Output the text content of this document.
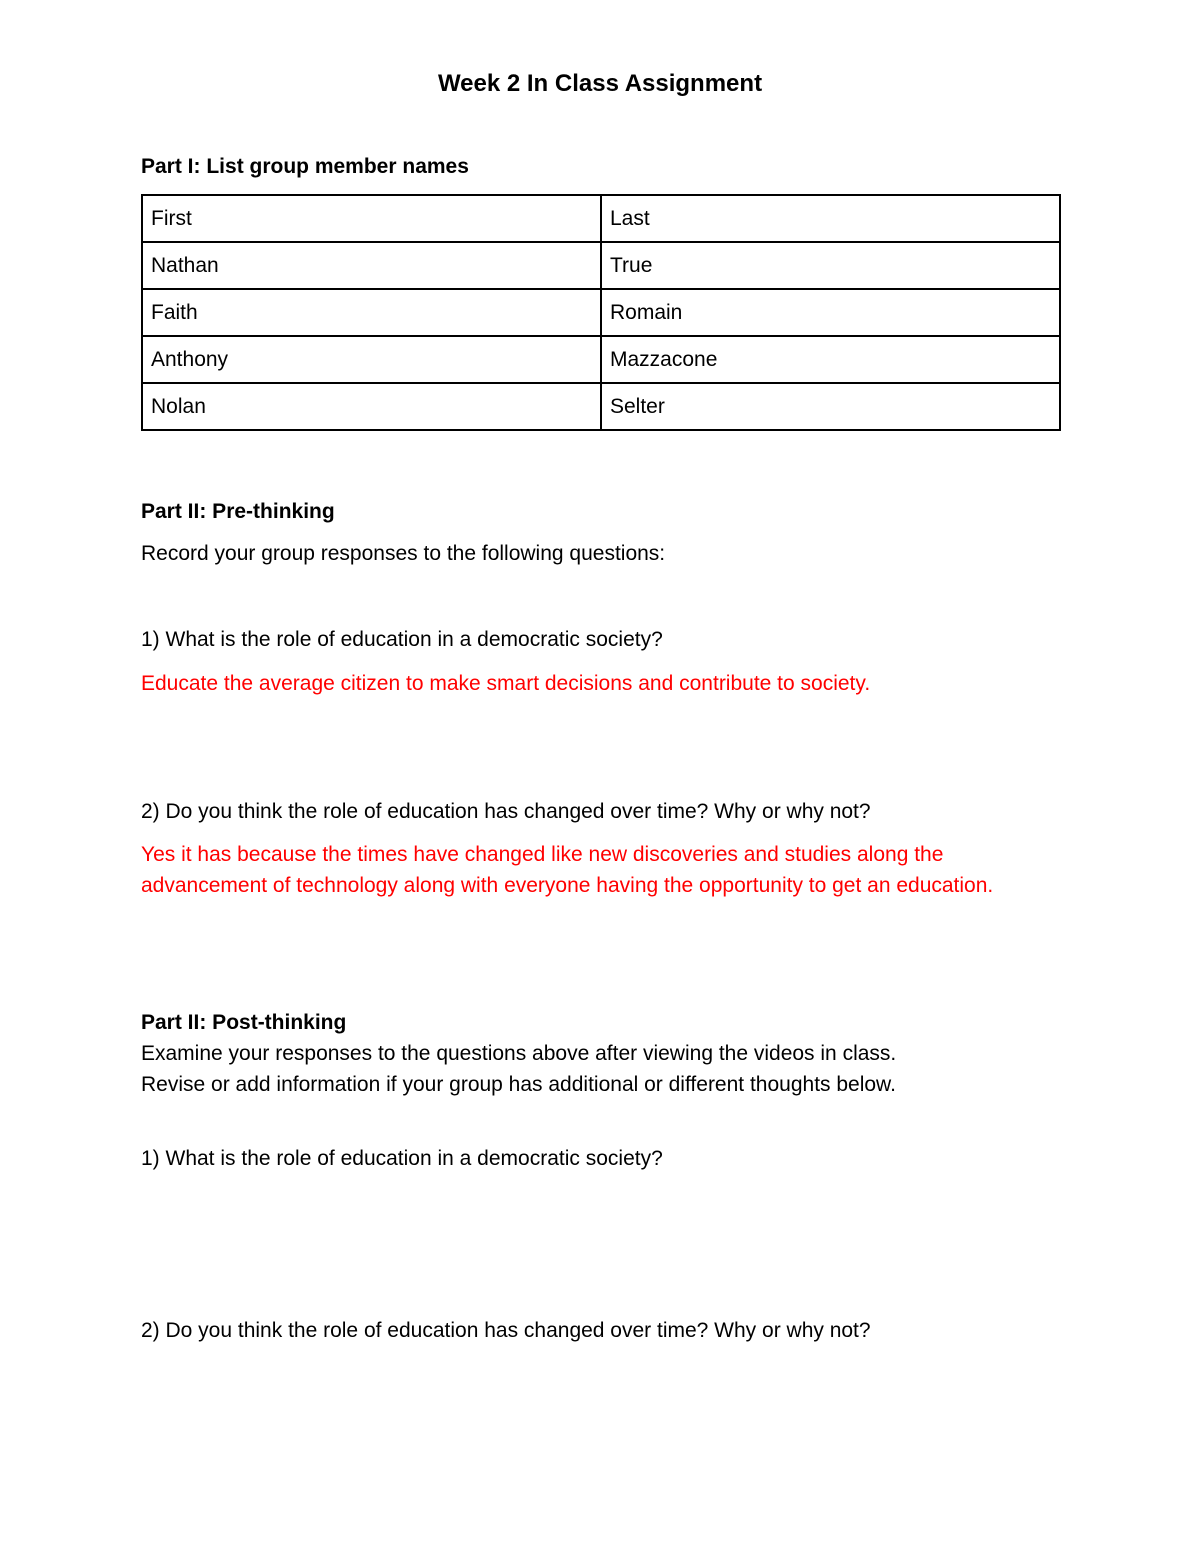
Week 2 In Class Assignment
Part I: List group member names
First	Last
Nathan	True
Faith	Romain
Anthony	Mazzacone
Nolan	Selter
Part II: Pre-thinking
Record your group responses to the following questions:
1) What is the role of education in a democratic society?
Educate the average citizen to make smart decisions and contribute to society.
2) Do you think the role of education has changed over time? Why or why not?
Yes it has because the times have changed like new discoveries and studies along the advancement of technology along with everyone having the opportunity to get an education.
Part II: Post-thinking
Examine your responses to the questions above after viewing the videos in class.
Revise or add information if your group has additional or different thoughts below.
1) What is the role of education in a democratic society?
2) Do you think the role of education has changed over time? Why or why not?
